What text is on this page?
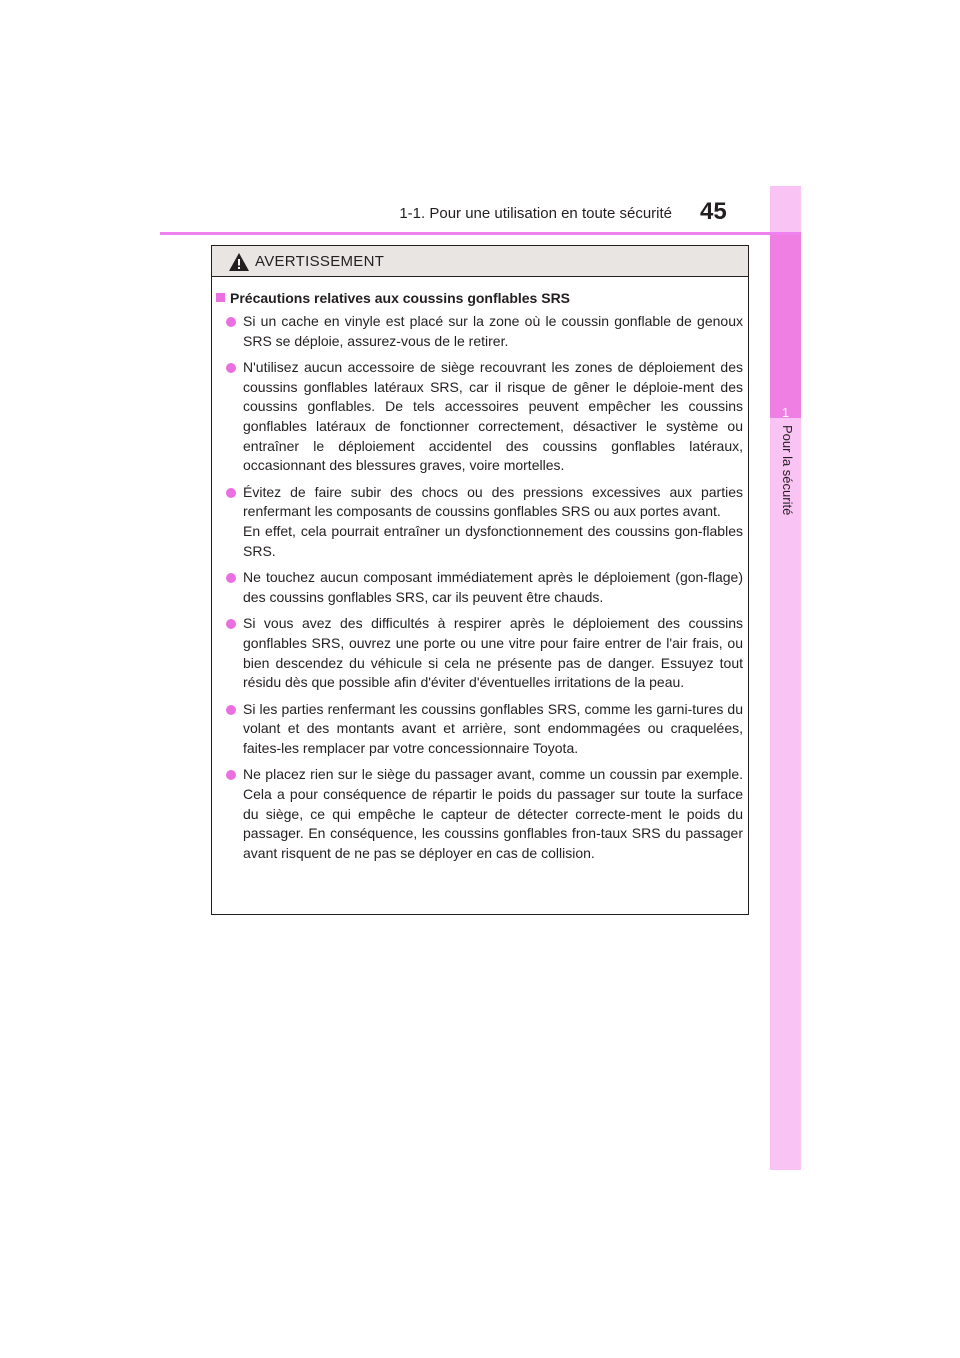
1
Pour la sécurité
1-1. Pour une utilisation en toute sécurité 45
AVERTISSEMENT
Précautions relatives aux coussins gonflables SRS

Si un cache en vinyle est placé sur la zone où le coussin gonflable de genoux SRS se déploie, assurez-vous de le retirer.

N'utilisez aucun accessoire de siège recouvrant les zones de déploiement des coussins gonflables latéraux SRS, car il risque de gêner le déploie-ment des coussins gonflables. De tels accessoires peuvent empêcher les coussins gonflables latéraux de fonctionner correctement, désactiver le système ou entraîner le déploiement accidentel des coussins gonflables latéraux, occasionnant des blessures graves, voire mortelles.

Évitez de faire subir des chocs ou des pressions excessives aux parties renfermant les composants de coussins gonflables SRS ou aux portes avant.

En effet, cela pourrait entraîner un dysfonctionnement des coussins gon-flables SRS.

Ne touchez aucun composant immédiatement après le déploiement (gon-flage) des coussins gonflables SRS, car ils peuvent être chauds.

Si vous avez des difficultés à respirer après le déploiement des coussins gonflables SRS, ouvrez une porte ou une vitre pour faire entrer de l'air frais, ou bien descendez du véhicule si cela ne présente pas de danger. Essuyez tout résidu dès que possible afin d'éviter d'éventuelles irritations de la peau.

Si les parties renfermant les coussins gonflables SRS, comme les garni-tures du volant et des montants avant et arrière, sont endommagées ou craquelées, faites-les remplacer par votre concessionnaire Toyota.

Ne placez rien sur le siège du passager avant, comme un coussin par exemple. Cela a pour conséquence de répartir le poids du passager sur toute la surface du siège, ce qui empêche le capteur de détecter correcte-ment le poids du passager. En conséquence, les coussins gonflables fron-taux SRS du passager avant risquent de ne pas se déployer en cas de collision.
